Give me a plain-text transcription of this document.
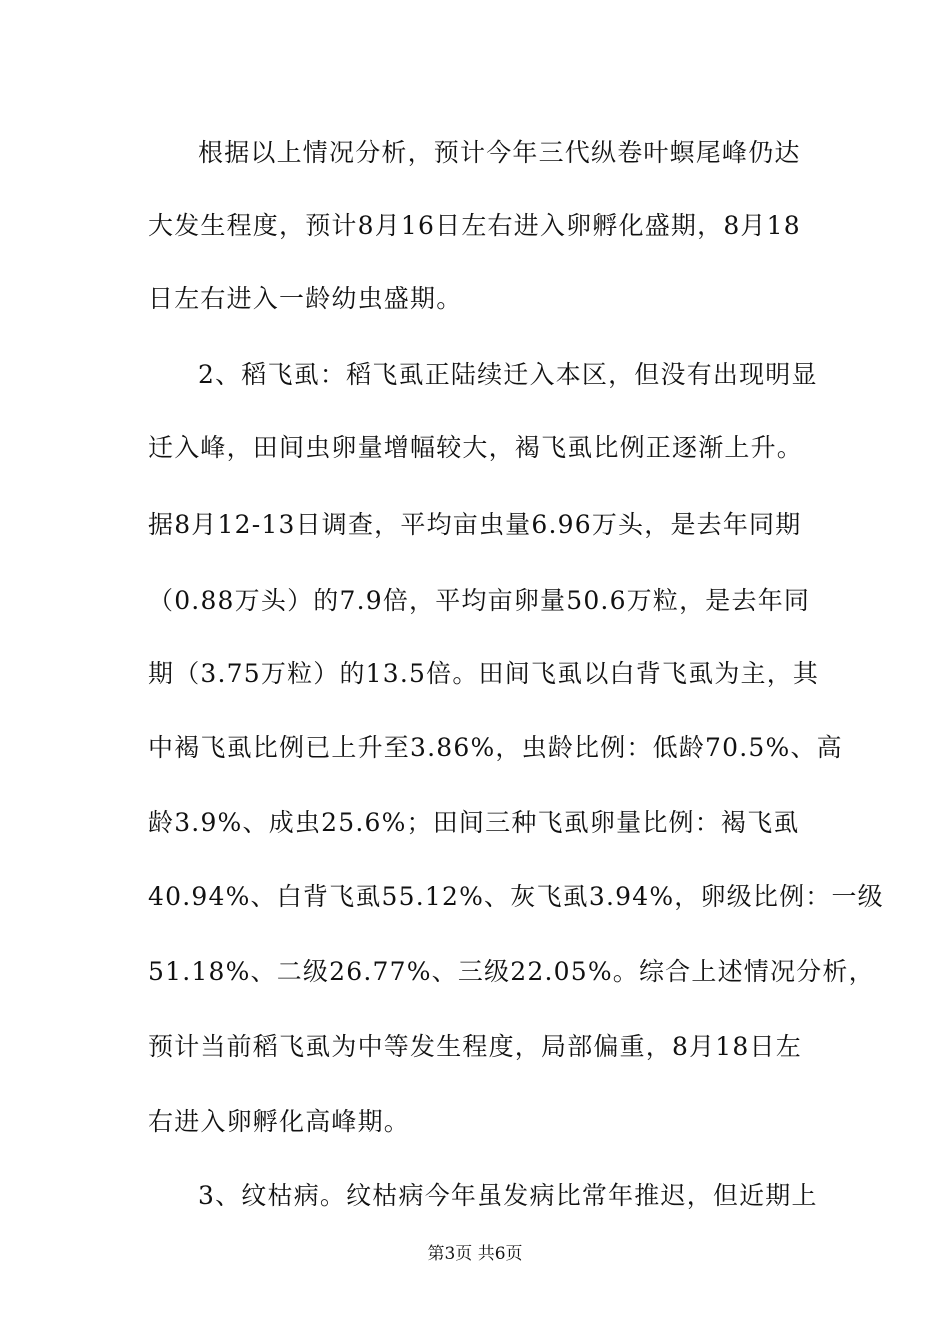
根据以上情况分析，预计今年三代纵卷叶螟尾峰仍达
大发生程度，预计8月16日左右进入卵孵化盛期，8月18
日左右进入一龄幼虫盛期。
2、稻飞虱：稻飞虱正陆续迁入本区，但没有出现明显
迁入峰，田间虫卵量增幅较大，褐飞虱比例正逐渐上升。
据8月12-13日调查，平均亩虫量6.96万头，是去年同期
（0.88万头）的7.9倍，平均亩卵量50.6万粒，是去年同
期（3.75万粒）的13.5倍。田间飞虱以白背飞虱为主，其
中褐飞虱比例已上升至3.86%，虫龄比例：低龄70.5%、高
龄3.9%、成虫25.6%；田间三种飞虱卵量比例：褐飞虱
40.94%、白背飞虱55.12%、灰飞虱3.94%，卵级比例：一级
51.18%、二级26.77%、三级22.05%。综合上述情况分析，
预计当前稻飞虱为中等发生程度，局部偏重，8月18日左
右进入卵孵化高峰期。
3、纹枯病。纹枯病今年虽发病比常年推迟，但近期上
第3页 共6页
